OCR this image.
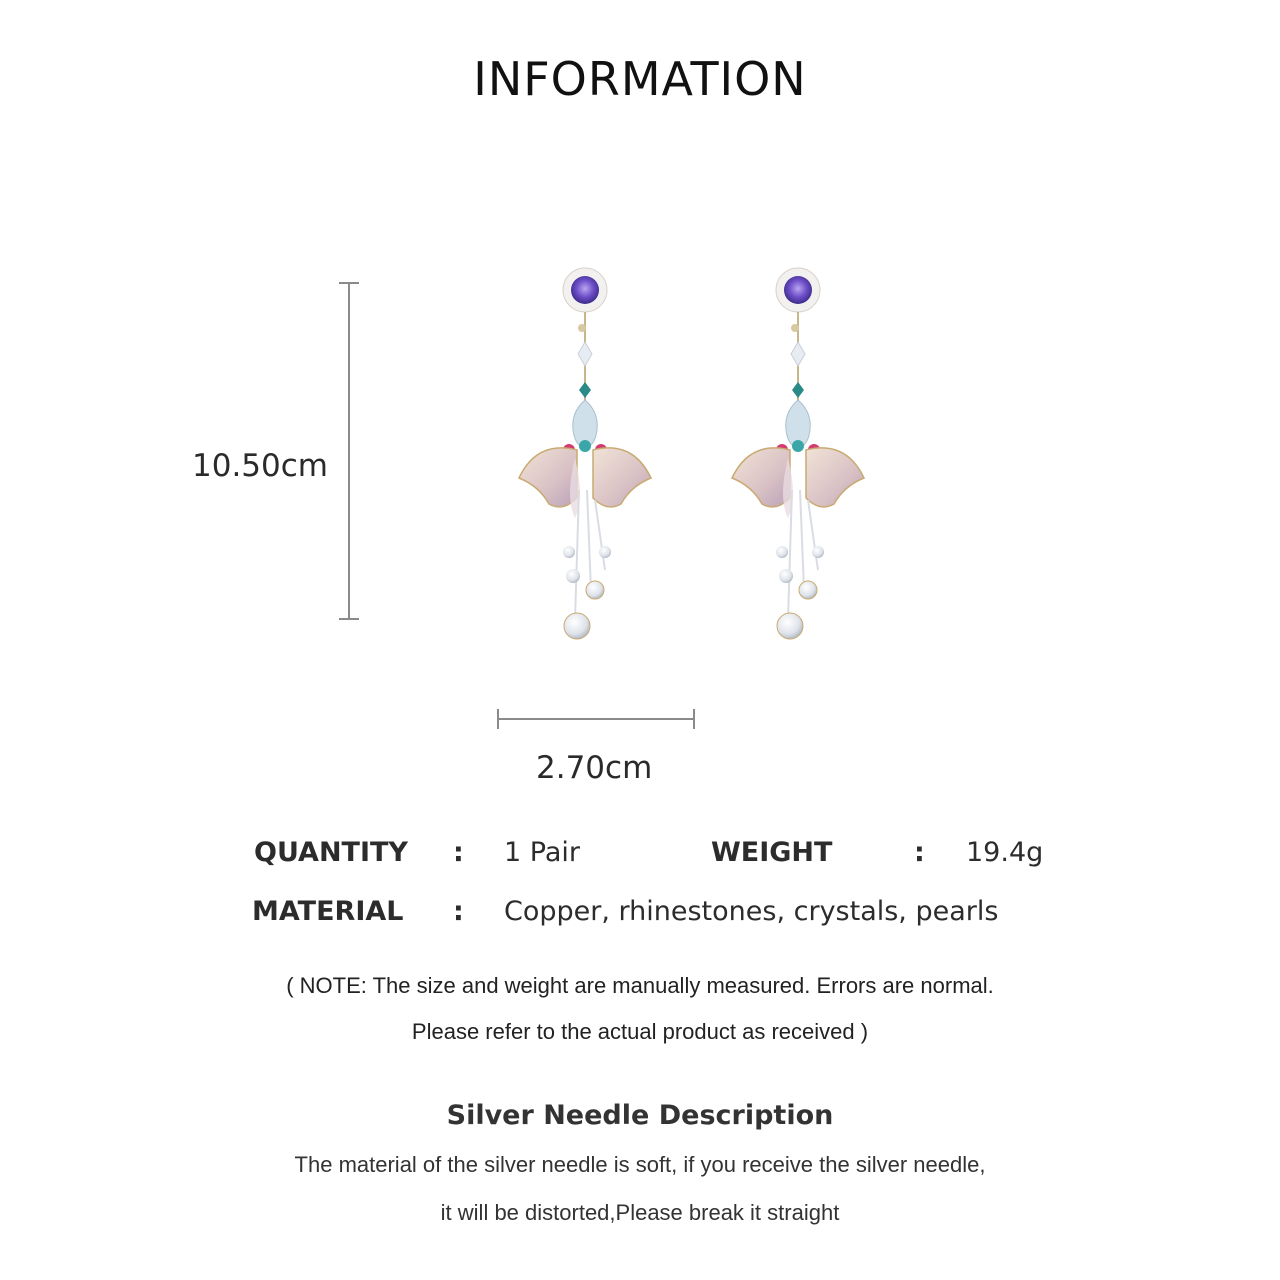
INFORMATION
10.50cm
2.70cm
QUANTITY : 1 Pair	WEIGHT	: 19.4g
MATERIAL : Copper, rhinestones, crystals, pearls
( NOTE: The size and weight are manually measured. Errors are normal.
Please refer to the actual product as received )
Silver Needle Description
The material of the silver needle is soft, if you receive the silver needle,
it will be distorted,Please break it straight
